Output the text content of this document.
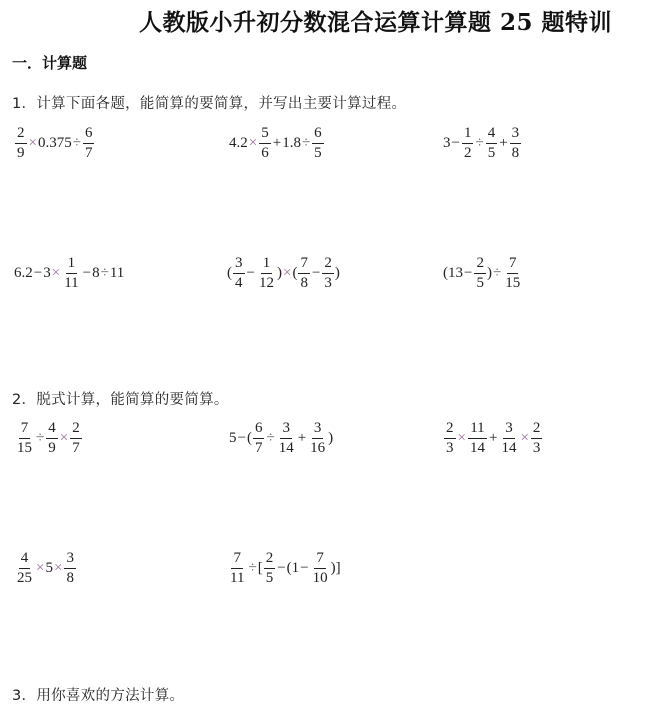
人教版小升初分数混合运算计算题 25 题特训
一．计算题
1．计算下面各题，能简算的要简算，并写出主要计算过程。
$\frac{2}{9} \times 0.375 \div \frac{6}{7}$	$4.2 \times \frac{5}{6} + 1.8 \div \frac{6}{5}$	$3 - \frac{1}{2} \div \frac{4}{5} + \frac{3}{8}$
$6.2 - 3 \times \frac{1}{11} - 8 \div 11$	( $\frac{3}{4} - \frac{1}{12}$ ) × ( $\frac{7}{8} - \frac{2}{3}$ )	($13 - \frac{2}{5}$ ) ÷ $\frac{7}{15}$
2．脱式计算，能简算的要简算。
$\frac{7}{15} \div \frac{4}{9} \times \frac{2}{7}$	5 − ( $\frac{6}{7} \div \frac{3}{14} + \frac{3}{16}$ )	$\frac{2}{3} \times \frac{11}{14} + \frac{3}{14} \times \frac{2}{3}$
$\frac{4}{25} \times 5 \times \frac{3}{8}$	$\frac{7}{11}$ ÷ [ $\frac{2}{5} - (1 - \frac{7}{10}$ )]
3．用你喜欢的方法计算。
